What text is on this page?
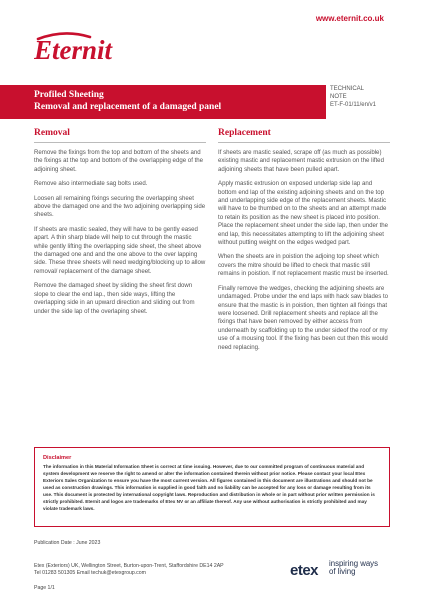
www.eternit.co.uk
Eternit
Profiled Sheeting
Removal and replacement of a damaged panel
TECHNICAL
NOTE
ET-F-01/11/en/v1
Removal

Remove the fixings from the top and bottom of the sheets and the fixings at the top and bottom of the overlapping edge of the adjoining sheet.

Remove also intermediate sag bolts used.

Loosen all remaining fixings securing the overlapping sheet above the damaged one and the two adjoining overlapping side sheets.

If sheets are mastic sealed, they will have to be gently eased apart. A thin sharp blade will help to cut through the mastic while gently lifting the overlapping side sheet, the sheet above the damaged one and and the one above to the over lapping side. These three sheets will need wedging/blocking up to allow removal/ replacement of the damage sheet.

Remove the damaged sheet by sliding the sheet first down slope to clear the end lap., then side ways, lifting the overlapping side in an upward direction and sliding out from under the side lap of the overlaping sheet.

Replacement

If sheets are mastic sealed, scrape off (as much as possible) existing mastic and replacement mastic extrusion on the lifted adjoining sheets that have been pulled apart.

Apply mastic extrusion on exposed underlap side lap and bottom end lap of the existing adjoining sheets and on the top and underlapping side edge of the replacement sheets. Mastic will have to be thumbed on to the sheets and an attempt made to retain its position as the new sheet is placed into position. Place the replacement sheet under the side lap, then under the end lap, this necessitates attempting to lift the adjoining sheet without putting weight on the edges wedged part.

When the sheets are in poistion the adjoing top sheet which covers the mitre should be lifted to check that mastic still remains in poistion. If not replacement mastic must be inserted.

Finally remove the wedges, checking the adjoining sheets are undamaged. Probe under the end laps with hack saw blades to ensure that the mastic is in poistion, then tighten all fixings that were loosened. Drill replacement sheets and replace all the fixings that have been removed by either access from underneath by scaffolding up to the under sideof the roof or my use of a mousing tool. If the fixing has been cut then this would need replacing.

Disclaimer
The information in this Material Information Sheet is correct at time issuing. However, due to our committed program of continuous material and system development we reserve the right to amend or alter the information contained therein without prior notice. Please contact your local Etex Exteriors Sales Organization to ensure you have the most current version. All figures contained in this document are illustrations and should not be used as construction drawings. This information is supplied in good faith and no liability can be accepted for any loss or damage resulting from its use. This document is protected by international copyright laws. Reproduction and distribution in whole or in part without prior written permission is strictly prohibited. Eternit and logos are trademarks of Etex NV or an affiliate thereof. Any use without authorisation is strictly prohibited and may violate trademark laws.
Publication Date : June 2023
Etex (Exteriors) UK, Wellington Street, Burton-upon-Trent, Staffordshire DE14 2AP
Tel 01283 501305 Email techuk@etexgroup.com
Page 1/1
etex inspiring ways
of living
